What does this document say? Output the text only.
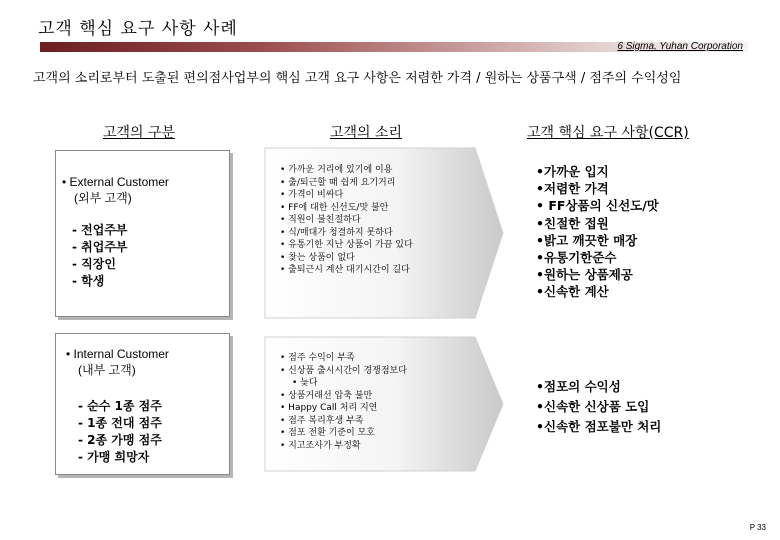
고객 핵심 요구 사항 사례
6 Sigma, Yuhan Corporation
고객의 소리로부터 도출된 편의점사업부의 핵심 고객 요구 사항은 저렴한 가격 / 원하는 상품구색 / 점주의 수익성임
고객의 구분	고객의 소리	고객 핵심 요구 사항(CCR)
• External Customer
(외부 고객)
- 전업주부
- 취업주부
- 직장인
- 학생
• Internal Customer
(내부 고객)
- 순수 1종 점주
- 1종 전대 점주
- 2종 가맹 점주
- 가맹 희망자
• 가까운 거리에 있기에 이용
• 출/퇴근할 때 쉽게 요기거리
• 가격이 비싸다
• FF에 대한 신선도/맛 불안
• 직원이 불친절하다
• 식/매대가 청결하지 못하다
• 유통기한 지난 상품이 가끔 있다
• 찾는 상품이 없다
• 출퇴근시 계산 대기시간이 길다
• 점주 수익이 부족
• 신상품 출시시간이 경쟁점보다
• 늦다
• 상품거래선 압축 불만
• Happy Call 처리 지연
• 점주 복리후생 부족
• 점포 전환 기준이 모호
• 지고조사가 부정확
• 가까운 입지
• 저렴한 가격
• FF상품의 신선도/맛
• 친절한 접원
• 밝고 깨끗한 매장
• 유통기한준수
• 원하는 상품제공
• 신속한 계산
• 점포의 수익성
• 신속한 신상품 도입
• 신속한 점포불만 처리
P 33
